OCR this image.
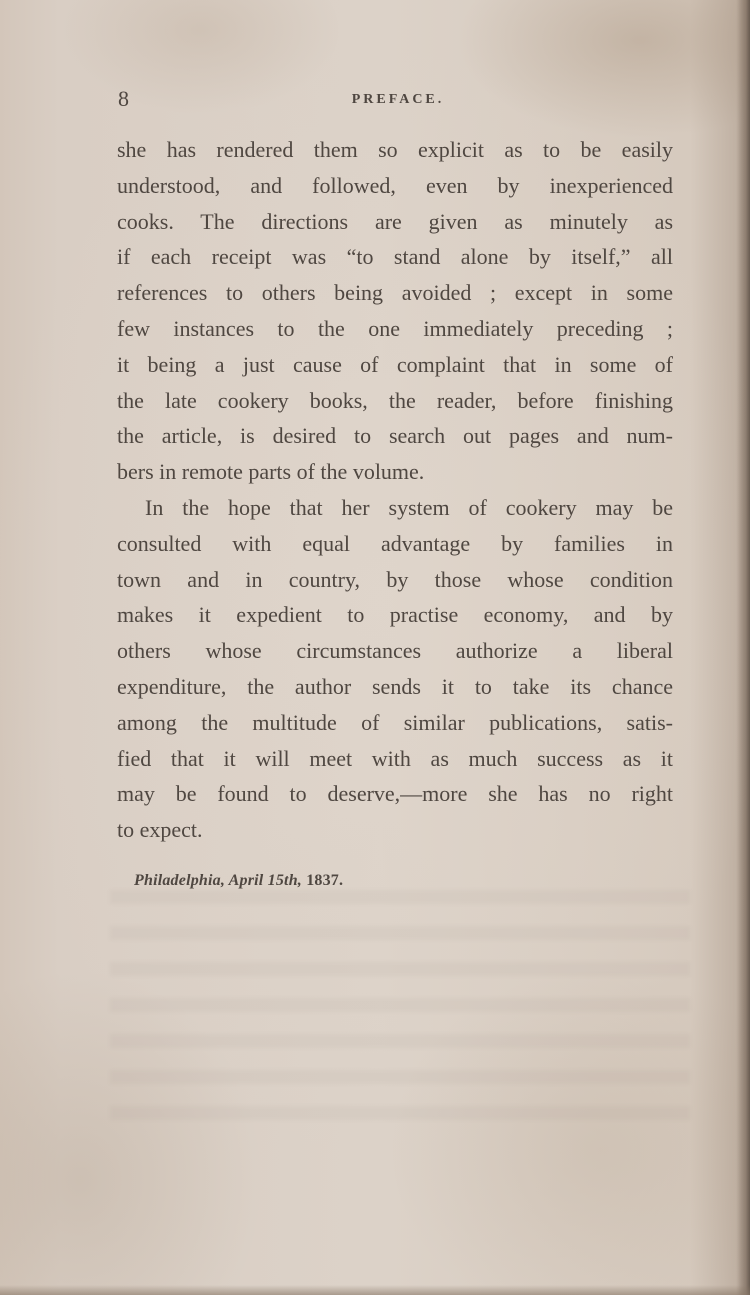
8	PREFACE.

she has rendered them so explicit as to be easily
understood, and followed, even by inexperienced
cooks. The directions are given as minutely as
if each receipt was “to stand alone by itself,” all
references to others being avoided ; except in some
few instances to the one immediately preceding ;
it being a just cause of complaint that in some of
the late cookery books, the reader, before finishing
the article, is desired to search out pages and num-
bers in remote parts of the volume.

In the hope that her system of cookery may be
consulted with equal advantage by families in
town and in country, by those whose condition
makes it expedient to practise economy, and by
others whose circumstances authorize a liberal
expenditure, the author sends it to take its chance
among the multitude of similar publications, satis-
fied that it will meet with as much success as it
may be found to deserve,—more she has no right
to expect.

Philadelphia, April 15th, 1837.
